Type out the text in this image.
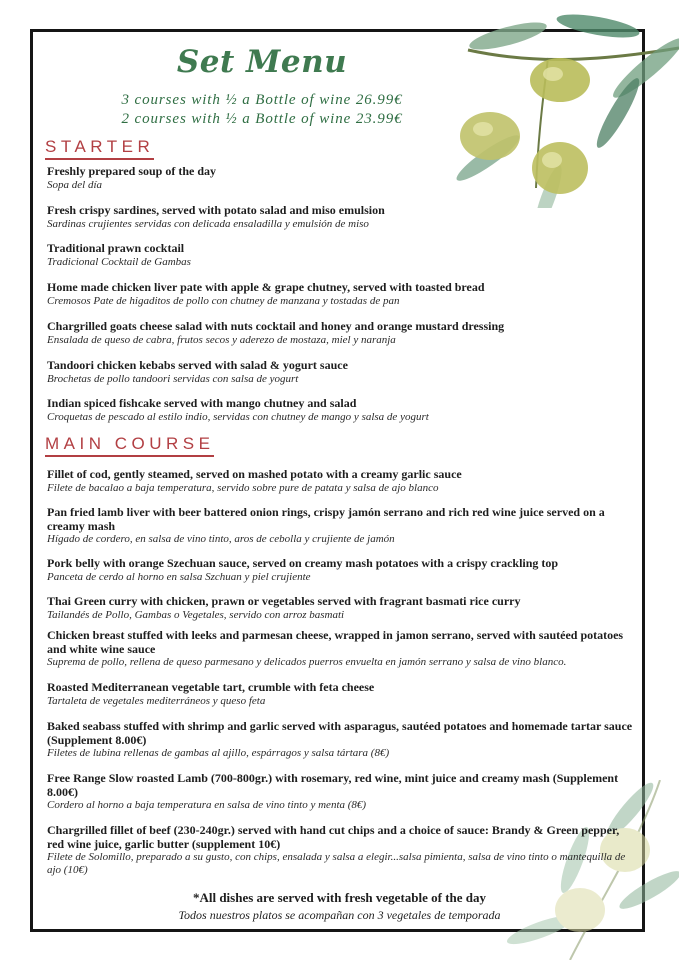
Set Menu
3 courses with ½ a Bottle of wine 26.99€
2 courses with ½ a Bottle of wine 23.99€
STARTER
Freshly prepared soup of the day
Sopa del día
Fresh crispy sardines, served with potato salad and miso emulsion
Sardinas crujientes servidas con delicada ensaladilla y emulsión de miso
Traditional prawn cocktail
Tradicional Cocktail de Gambas
Home made chicken liver pate with apple & grape chutney, served with toasted bread
Cremosos Pate de higaditos de pollo con chutney de manzana y tostadas de pan
Chargrilled goats cheese salad with nuts cocktail and honey and orange mustard dressing
Ensalada de queso de cabra, frutos secos y aderezo de mostaza, miel y naranja
Tandoori chicken kebabs served with salad & yogurt sauce
Brochetas de pollo tandoori servidas con salsa de yogurt
Indian spiced fishcake served with mango chutney and salad
Croquetas de pescado al estilo indio, servidas con chutney de mango y salsa de yogurt
MAIN COURSE
Fillet of cod, gently steamed, served on mashed potato with a creamy garlic sauce
Filete de bacalao a baja temperatura, servido sobre pure de patata y salsa de ajo blanco
Pan fried lamb liver with beer battered onion rings, crispy jamón serrano and rich red wine juice served on a creamy mash
Hígado de cordero, en salsa de vino tinto, aros de cebolla y crujiente de jamón
Pork belly with orange Szechuan sauce, served on creamy mash potatoes with a crispy crackling top
Panceta de cerdo al horno en salsa Szchuan y piel crujiente
Thai Green curry with chicken, prawn or vegetables served with fragrant basmati rice curry
Tailandés de Pollo, Gambas o Vegetales, servido con arroz basmati
Chicken breast stuffed with leeks and parmesan cheese, wrapped in jamon serrano, served with sautéed potatoes and white wine sauce
Suprema de pollo, rellena de queso parmesano y delicados puerros envuelta en jamón serrano y salsa de vino blanco.
Roasted Mediterranean vegetable tart, crumble with feta cheese
Tartaleta de vegetales mediterráneos y queso feta
Baked seabass stuffed with shrimp and garlic served with asparagus, sautéed potatoes and homemade tartar sauce (Supplement 8.00€)
Filetes de lubina rellenas de gambas al ajillo, espárragos y salsa tártara (8€)
Free Range Slow roasted Lamb (700-800gr.) with rosemary, red wine, mint juice and creamy mash (Supplement 8.00€)
Cordero al horno a baja temperatura en salsa de vino tinto y menta (8€)
Chargrilled fillet of beef (230-240gr.) served with hand cut chips and a choice of sauce: Brandy & Green pepper, red wine juice, garlic butter (supplement 10€)
Filete de Solomillo, preparado a su gusto, con chips, ensalada y salsa a elegir...salsa pimienta, salsa de vino tinto o mantequilla de ajo (10€)
*All dishes are served with fresh vegetable of the day
Todos nuestros platos se acompañan con 3 vegetales de temporada
